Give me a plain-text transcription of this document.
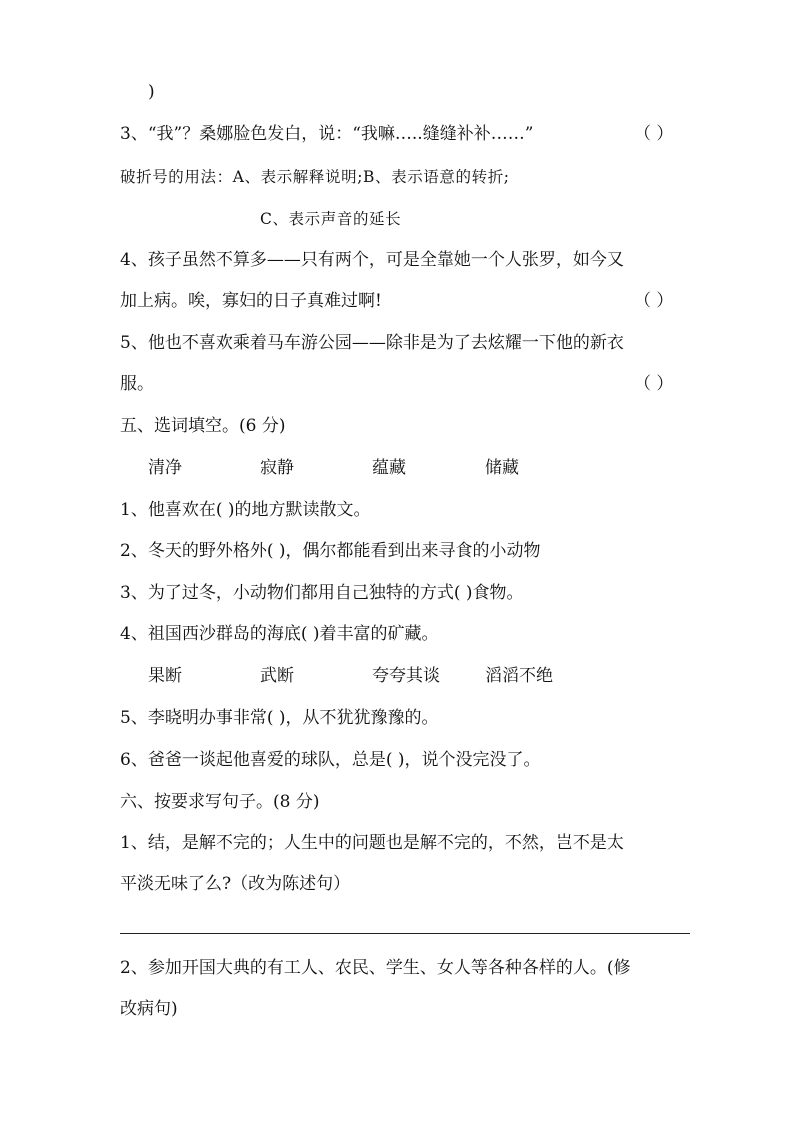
)
3、“我”？桑娜脸色发白，说：“我嘛…..缝缝补补……”	（ ）
破折号的用法：A、表示解释说明;B、表示语意的转折;
C、表示声音的延长
4、孩子虽然不算多——只有两个，可是全靠她一个人张罗，如今又
加上病。唉，寡妇的日子真难过啊!	（ ）
5、他也不喜欢乘着马车游公园——除非是为了去炫耀一下他的新衣
服。	（ ）
五、选词填空。(6 分)
清净	寂静	蕴藏	储藏
1、他喜欢在( )的地方默读散文。
2、冬天的野外格外( )，偶尔都能看到出来寻食的小动物
3、为了过冬，小动物们都用自己独特的方式( )食物。
4、祖国西沙群岛的海底( )着丰富的矿藏。
果断	武断	夸夸其谈	滔滔不绝
5、李晓明办事非常( )，从不犹犹豫豫的。
6、爸爸一谈起他喜爱的球队，总是( )，说个没完没了。
六、按要求写句子。(8 分)
1、结，是解不完的；人生中的问题也是解不完的，不然，岂不是太
平淡无味了么?（改为陈述句）
2、参加开国大典的有工人、农民、学生、女人等各种各样的人。(修
改病句)
